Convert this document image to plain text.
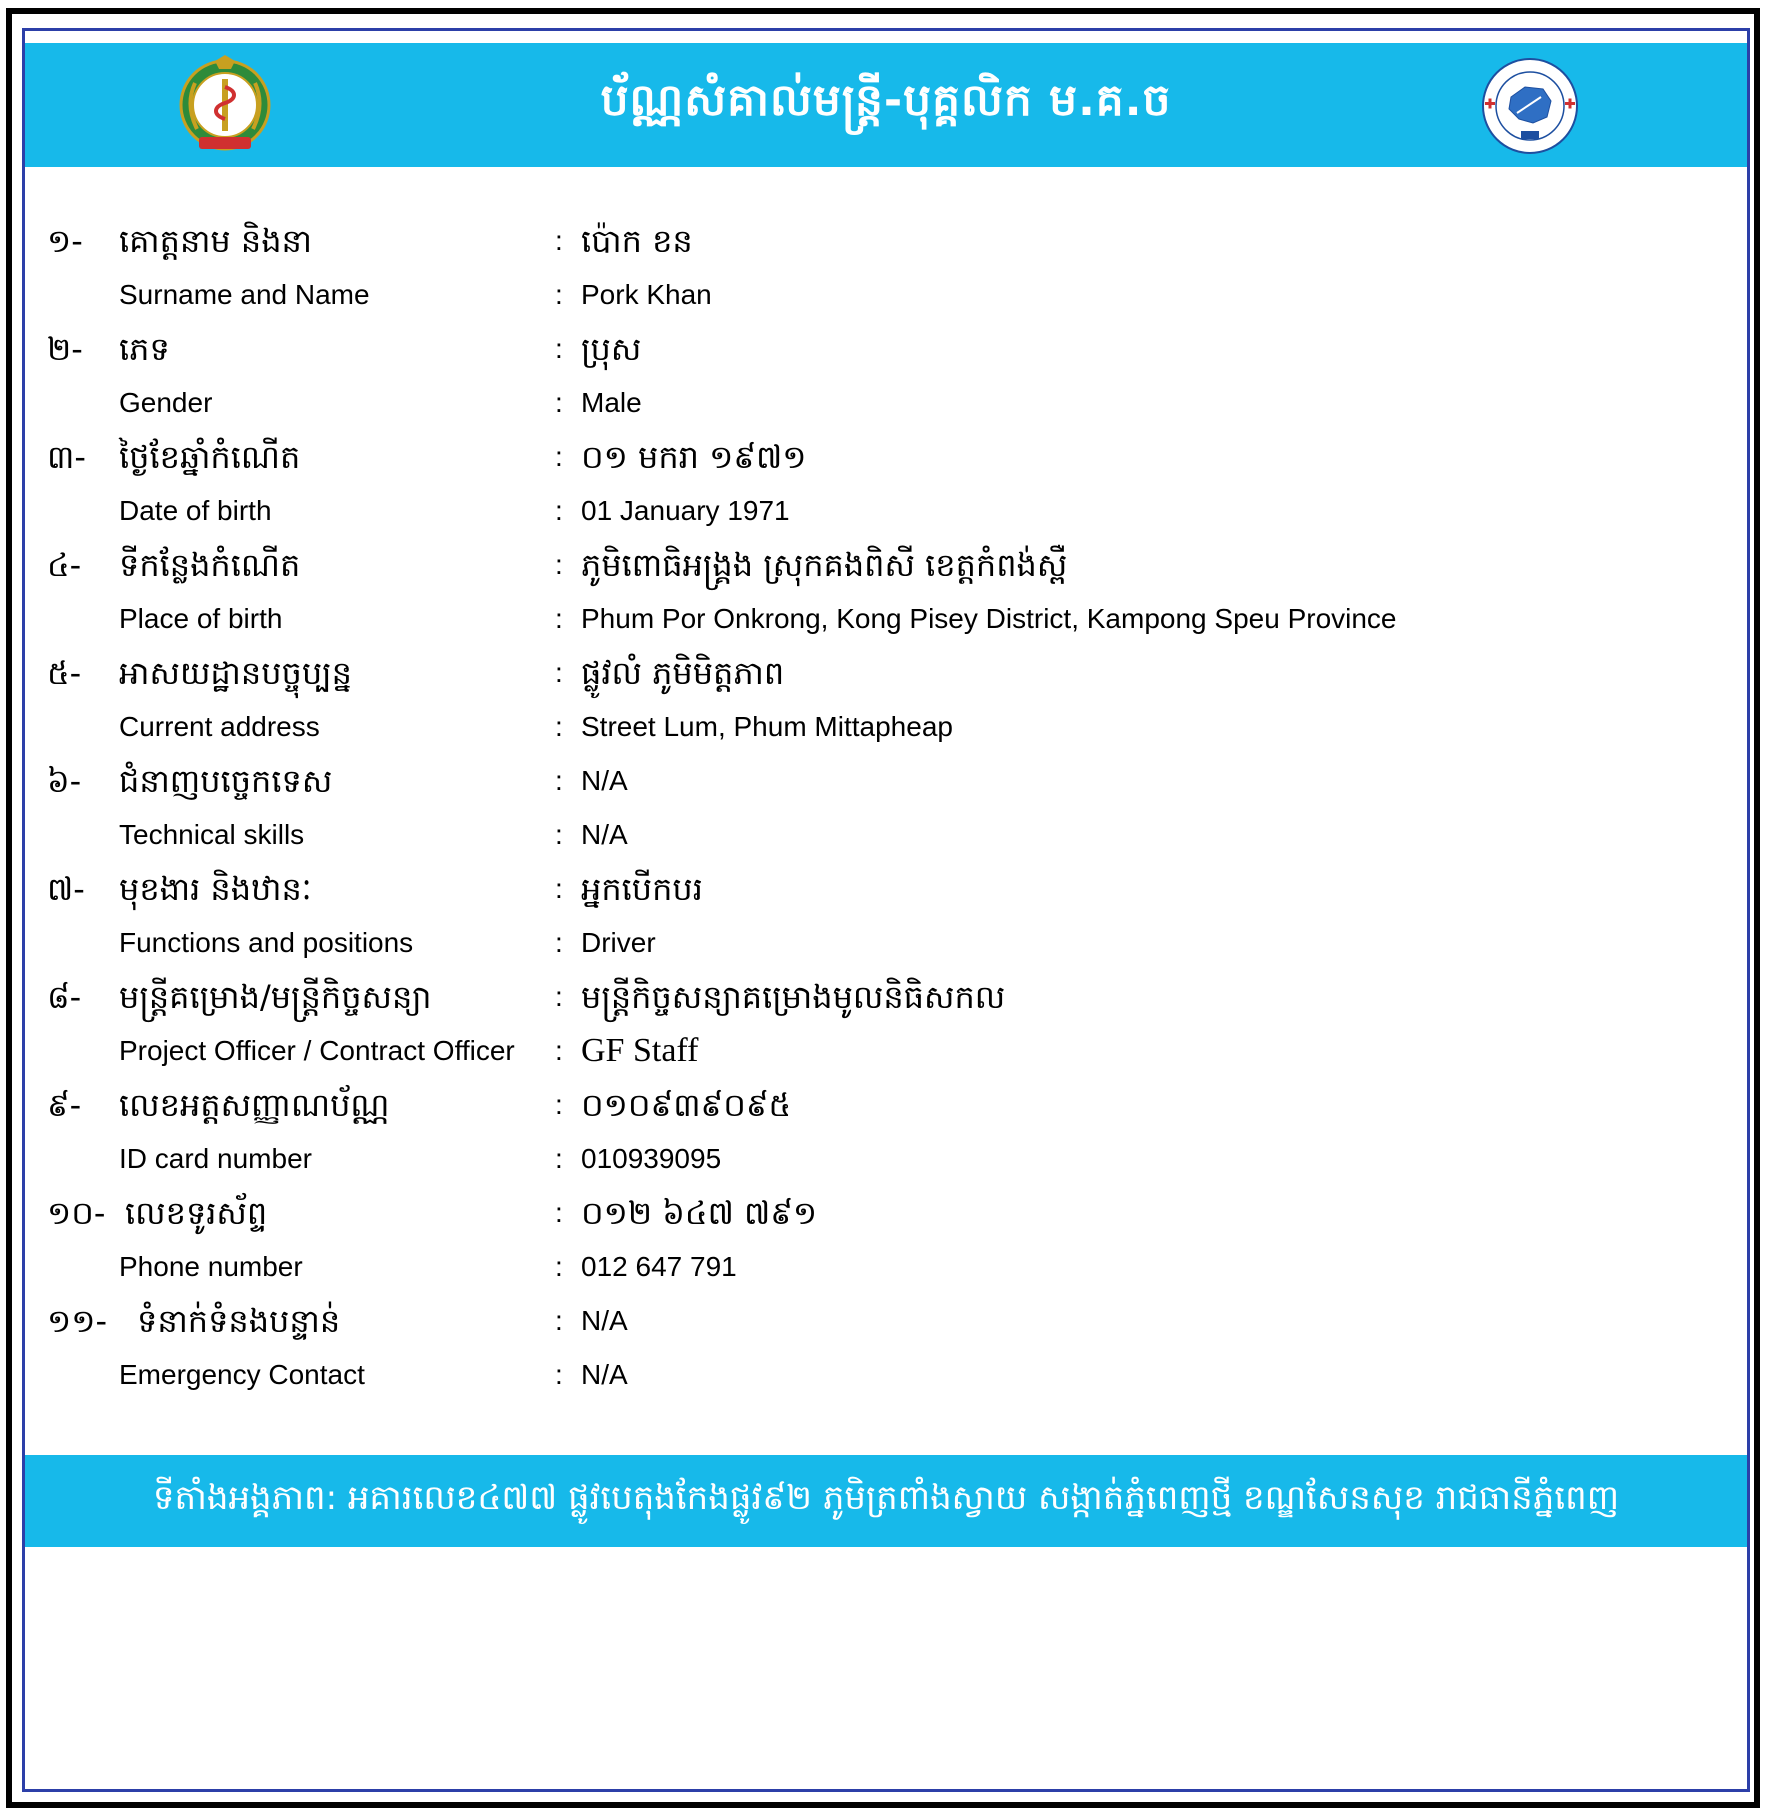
ប័ណ្ណសំគាល់មន្ត្រី-បុគ្គលិក ម.គ.ច
១- គោត្តនាម និងនា	: ប៉ោក ខន
Surname and Name	: Pork Khan
២- ភេទ	: ប្រុស
Gender	: Male
៣- ថ្ងៃខែឆ្នាំកំណើត	: ០១ មករា ១៩៧១
Date of birth	: 01 January 1971
៤- ទីកន្លែងកំណើត	: ភូមិពោធិអង្រ្គង ស្រុកគងពិសី ខេត្តកំពង់ស្ពឺ
Place of birth	: Phum Por Onkrong, Kong Pisey District, Kampong Speu Province
៥- អាសយដ្ឋានបច្ចុប្បន្ន	: ផ្លូវលំ ភូមិមិត្តភាព
Current address	: Street Lum, Phum Mittapheap
៦- ជំនាញបច្ចេកទេស	: N/A
Technical skills	: N/A
៧- មុខងារ និងឋានៈ	: អ្នកបើកបរ
Functions and positions	: Driver
៨- មន្ត្រីគម្រោង/មន្ត្រីកិច្ចសន្យា	: មន្ត្រីកិច្ចសន្យាគម្រោងមូលនិធិសកល
Project Officer / Contract Officer : GF Staff
៩- លេខអត្តសញ្ញាណប័ណ្ណ	: ០១០៩៣៩០៩៥
ID card number	: 010939095
១០- លេខទូរស័ព្ទ	: ០១២ ៦៤៧ ៧៩១
Phone number	: 012 647 791
១១- ទំនាក់ទំនងបន្ទាន់	: N/A
Emergency Contact	: N/A
ទីតាំងអង្គភាព: អគារលេខ៤៧៧ ផ្លូវបេតុងកែងផ្លូវ៩២ ភូមិត្រពាំងស្វាយ សង្កាត់ភ្នំពេញថ្មី ខណ្ឌសែនសុខ រាជធានីភ្នំពេញ
